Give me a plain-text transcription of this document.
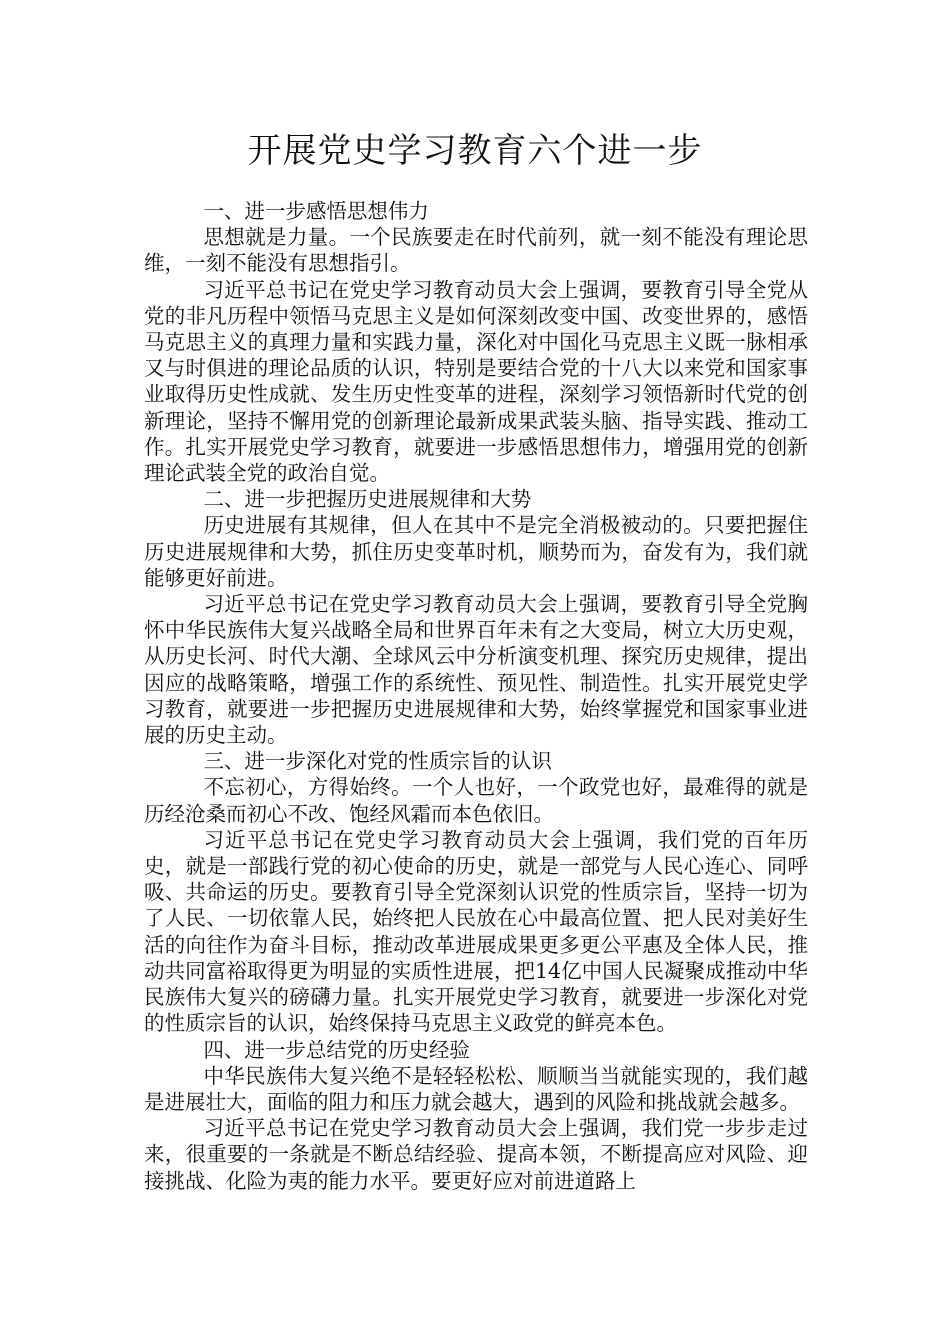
开展党史学习教育六个进一步

一、进一步感悟思想伟力

思想就是力量。一个民族要走在时代前列，就一刻不能没有理论思维，一刻不能没有思想指引。

习近平总书记在党史学习教育动员大会上强调，要教育引导全党从党的非凡历程中领悟马克思主义是如何深刻改变中国、改变世界的，感悟马克思主义的真理力量和实践力量，深化对中国化马克思主义既一脉相承又与时俱进的理论品质的认识，特别是要结合党的十八大以来党和国家事业取得历史性成就、发生历史性变革的进程，深刻学习领悟新时代党的创新理论，坚持不懈用党的创新理论最新成果武装头脑、指导实践、推动工作。扎实开展党史学习教育，就要进一步感悟思想伟力，增强用党的创新理论武装全党的政治自觉。

二、进一步把握历史进展规律和大势

历史进展有其规律，但人在其中不是完全消极被动的。只要把握住历史进展规律和大势，抓住历史变革时机，顺势而为，奋发有为，我们就能够更好前进。

习近平总书记在党史学习教育动员大会上强调，要教育引导全党胸怀中华民族伟大复兴战略全局和世界百年未有之大变局，树立大历史观，从历史长河、时代大潮、全球风云中分析演变机理、探究历史规律，提出因应的战略策略，增强工作的系统性、预见性、制造性。扎实开展党史学习教育，就要进一步把握历史进展规律和大势，始终掌握党和国家事业进展的历史主动。

三、进一步深化对党的性质宗旨的认识

不忘初心，方得始终。一个人也好，一个政党也好，最难得的就是历经沧桑而初心不改、饱经风霜而本色依旧。

习近平总书记在党史学习教育动员大会上强调，我们党的百年历史，就是一部践行党的初心使命的历史，就是一部党与人民心连心、同呼吸、共命运的历史。要教育引导全党深刻认识党的性质宗旨，坚持一切为了人民、一切依靠人民，始终把人民放在心中最高位置、把人民对美好生活的向往作为奋斗目标，推动改革进展成果更多更公平惠及全体人民，推动共同富裕取得更为明显的实质性进展，把14亿中国人民凝聚成推动中华民族伟大复兴的磅礴力量。扎实开展党史学习教育，就要进一步深化对党的性质宗旨的认识，始终保持马克思主义政党的鲜亮本色。

四、进一步总结党的历史经验

中华民族伟大复兴绝不是轻轻松松、顺顺当当就能实现的，我们越是进展壮大，面临的阻力和压力就会越大，遇到的风险和挑战就会越多。

习近平总书记在党史学习教育动员大会上强调，我们党一步步走过来，很重要的一条就是不断总结经验、提高本领，不断提高应对风险、迎接挑战、化险为夷的能力水平。要更好应对前进道路上
